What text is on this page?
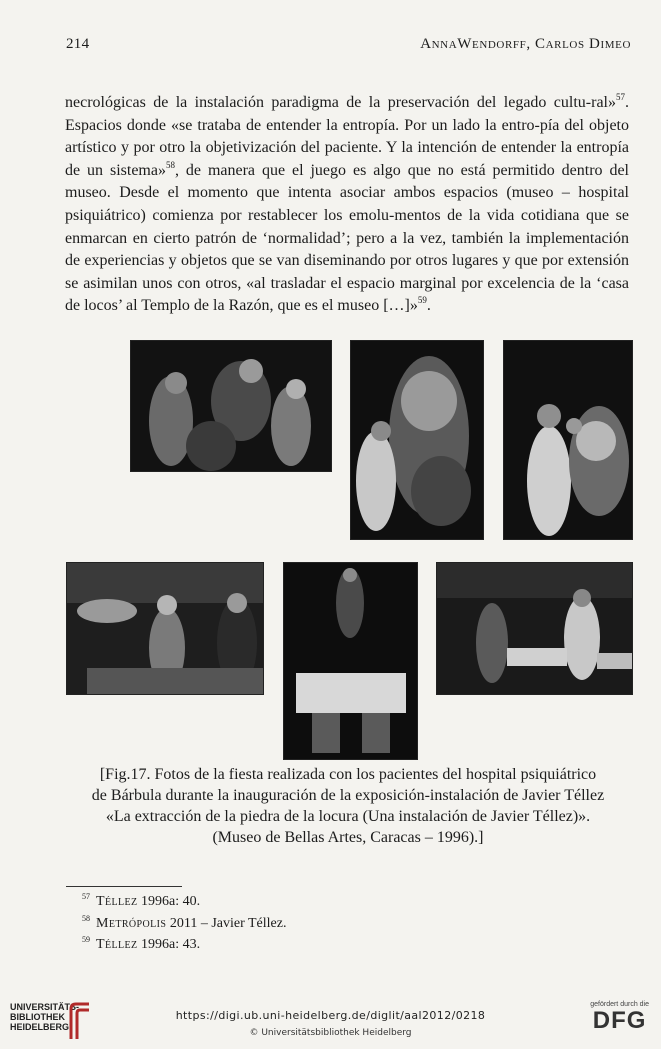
214	AnnaWendorff, Carlos Dimeo

necrológicas de la instalación paradigma de la preservación del legado cultu-ral»$^{57}$. Espacios donde «se trataba de entender la entropía. Por un lado la entro-pía del objeto artístico y por otro la objetivización del paciente. Y la intención de entender la entropía de un sistema»$^{58}$, de manera que el juego es algo que no está permitido dentro del museo. Desde el momento que intenta asociar ambos espacios (museo – hospital psiquiátrico) comienza por restablecer los emolu-mentos de la vida cotidiana que se enmarcan en cierto patrón de ‘normalidad’; pero a la vez, también la implementación de experiencias y objetos que se van diseminando por otros lugares y que por extensión se asimilan unos con otros, «al trasladar el espacio marginal por excelencia de la ‘casa de locos’ al Templo de la Razón, que es el museo […]»$^{59}$.

[Fig.17. Fotos de la fiesta realizada con los pacientes del hospital psiquiátrico
de Bárbula durante la inauguración de la exposición-instalación de Javier Téllez
«La extracción de la piedra de la locura (Una instalación de Javier Téllez)».
(Museo de Bellas Artes, Caracas – 1996).]
$^{57}$ Téllez 1996a: 40.
$^{58}$ Metrópolis 2011 – Javier Téllez.
$^{59}$ Téllez 1996a: 43.
UNIVERSITÄTS-
BIBLIOTHEK
HEIDELBERG
https://digi.ub.uni-heidelberg.de/diglit/aal2012/0218
© Universitätsbibliothek Heidelberg
gefördert durch die
DFG
